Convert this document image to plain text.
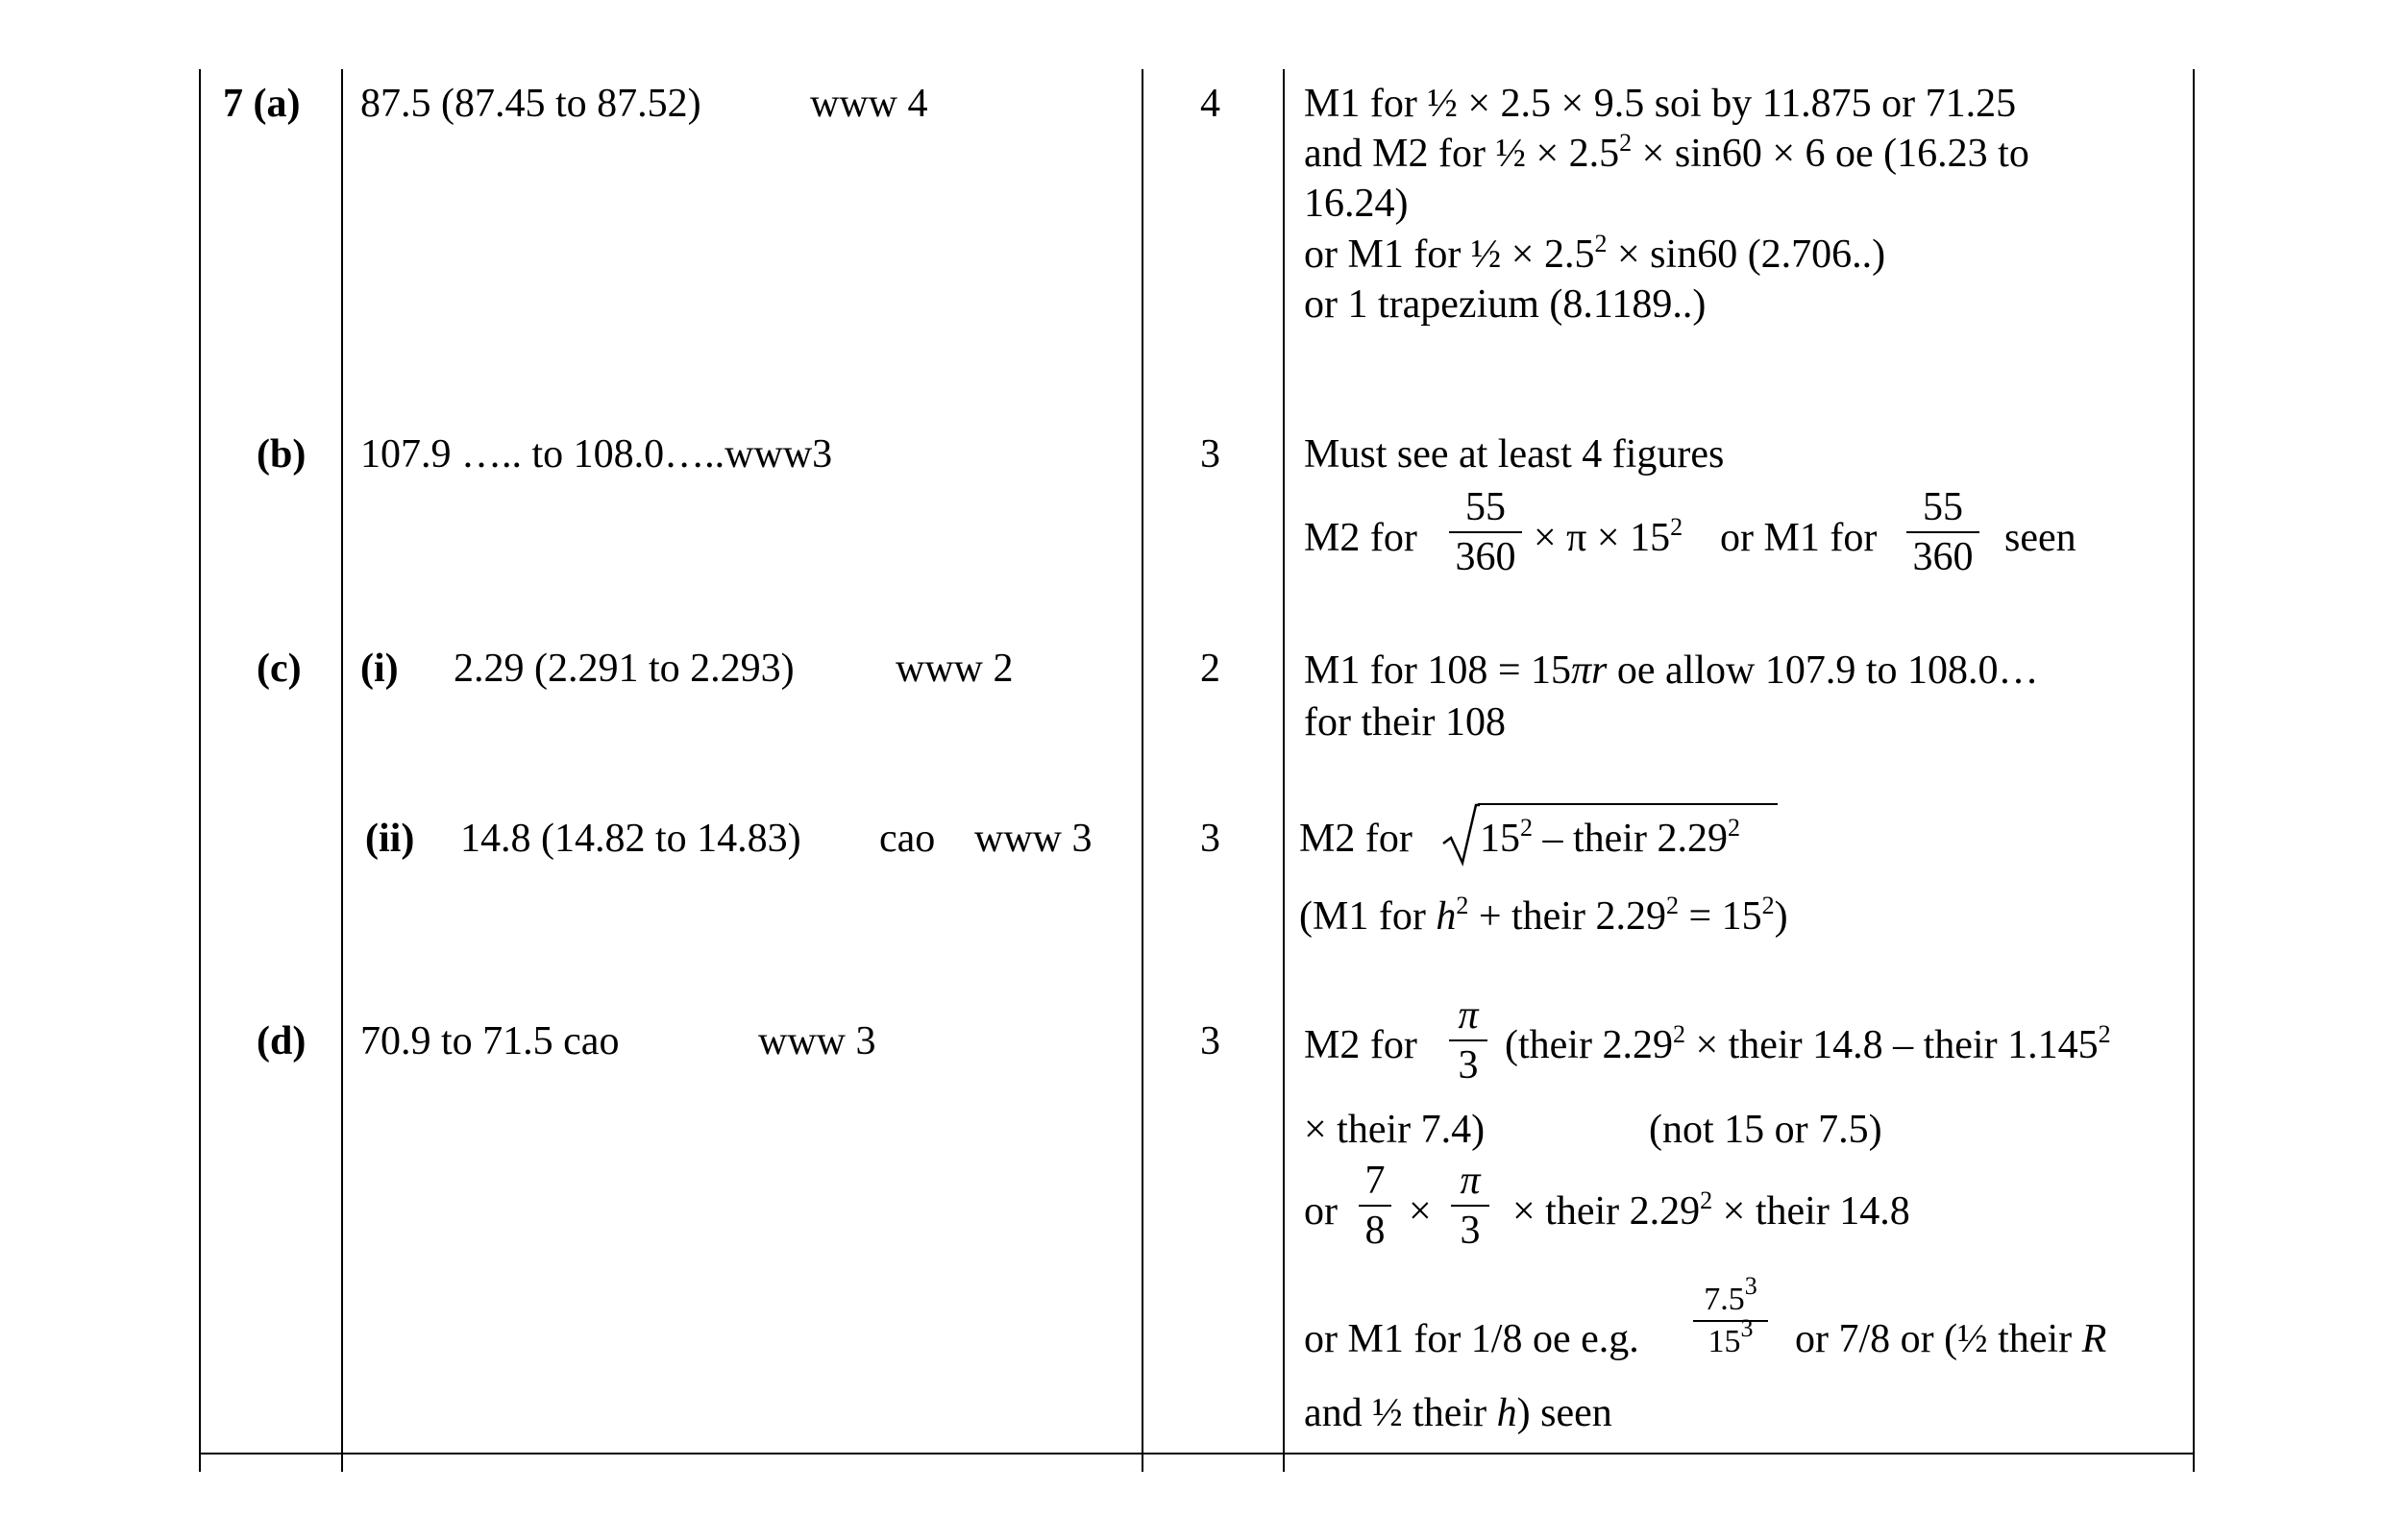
7 (a) 87.5 (87.45 to 87.52)	www 4	4 M1 for ½ × 2.5 × 9.5 soi by 11.875 or 71.25
and M2 for ½ × $2.5^2 \times \sin 60 \times 6$ oe (16.23 to
16.24)
or M1 for ½ × $2.5^2 \times \sin 60$ (2.706..)
or 1 trapezium (8.1189..)
(b) 107.9 ….. to 108.0…..www3	3 Must see at least 4 figures
M2 for
55
$360 \times \pi \times 15^2$ or M1 for
55
360 seen
(c) (i) 2.29 (2.291 to 2.293)	www 2	2 M1 for 108 = 15πr oe allow 107.9 to 108.0…
for their 108
(ii) 14.8 (14.82 to 14.83) cao www 3	3 M2 for $15^2$ – their 2.29$^2$
(M1 for $h^2$ + their $2.29^2 = 15^2$)
(d) 70.9 to 71.5 cao	www 3	3 M2 for
π
3 (their $2.29^2$ × their 14.8 – their $1.145^2$
× their 7.4)	(not 15 or 7.5)
or
7
8 ×
π
3 × their $2.29^2$ × their 14.8
or M1 for 1/8 oe e.g.
$7.5^3$
$15^3$ or 7/8 or (½ their R
and ½ their h) seen
